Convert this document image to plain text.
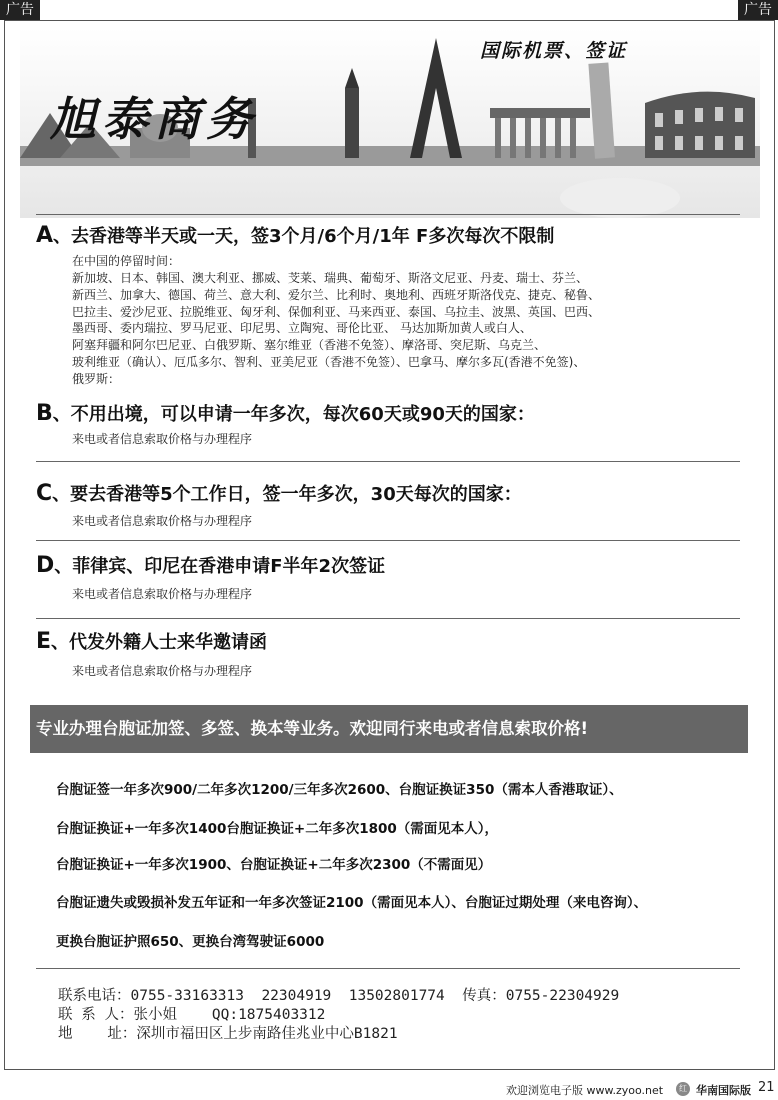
广告	广告
旭泰商务
国际机票、签证
A、去香港等半天或一天，签3个月/6个月/1年 F多次每次不限制
在中国的停留时间：
新加坡、日本、韩国、澳大利亚、挪威、芠莱、瑞典、葡萄牙、斯洛文尼亚、丹麦、瑞士、芬兰、
新西兰、加拿大、德国、荷兰、意大利、爱尔兰、比利时、奥地利、西班牙斯洛伐克、捷克、秘鲁、
巴拉圭、爱沙尼亚、拉脱维亚、匈牙利、保伽利亚、马来西亚、泰国、乌拉圭、波黑、英国、巴西、
墨西哥、委内瑞拉、罗马尼亚、印尼男、立陶宛、哥伦比亚、 马达加斯加黄人或白人、
阿塞拜疆和阿尔巴尼亚、白俄罗斯、塞尔维亚（香港不免签）、摩洛哥、突尼斯、乌克兰、
玻利维亚（确认）、厄瓜多尔、智利、亚美尼亚（香港不免签）、巴拿马、摩尔多瓦(香港不免签)、
俄罗斯：
B、不用出境，可以申请一年多次，每次60天或90天的国家：
来电或者信息索取价格与办理程序
C、要去香港等5个工作日，签一年多次，30天每次的国家：
来电或者信息索取价格与办理程序
D、菲律宾、印尼在香港申请F半年2次签证
来电或者信息索取价格与办理程序
E、代发外籍人士来华邀请函
来电或者信息索取价格与办理程序
专业办理台胞证加签、多签、换本等业务。欢迎同行来电或者信息索取价格!
台胞证签一年多次900/二年多次1200/三年多次2600、台胞证换证350（需本人香港取证）、
台胞证换证+一年多次1400台胞证换证+二年多次1800（需面见本人），
台胞证换证+一年多次1900、台胞证换证+二年多次2300（不需面见）
台胞证遗失或毁损补发五年证和一年多次签证2100（需面见本人）、台胞证过期处理（来电咨询）、
更换台胞证护照650、更换台湾驾驶证6000
联系电话：0755-33163313  22304919  13502801774  传真：0755-22304929
联 系 人：张小姐    QQ:1875403312
地    址：深圳市福田区上步南路佳兆业中心B1821
欢迎浏览电子版 www.zyoo.net	红 华南国际版 21
